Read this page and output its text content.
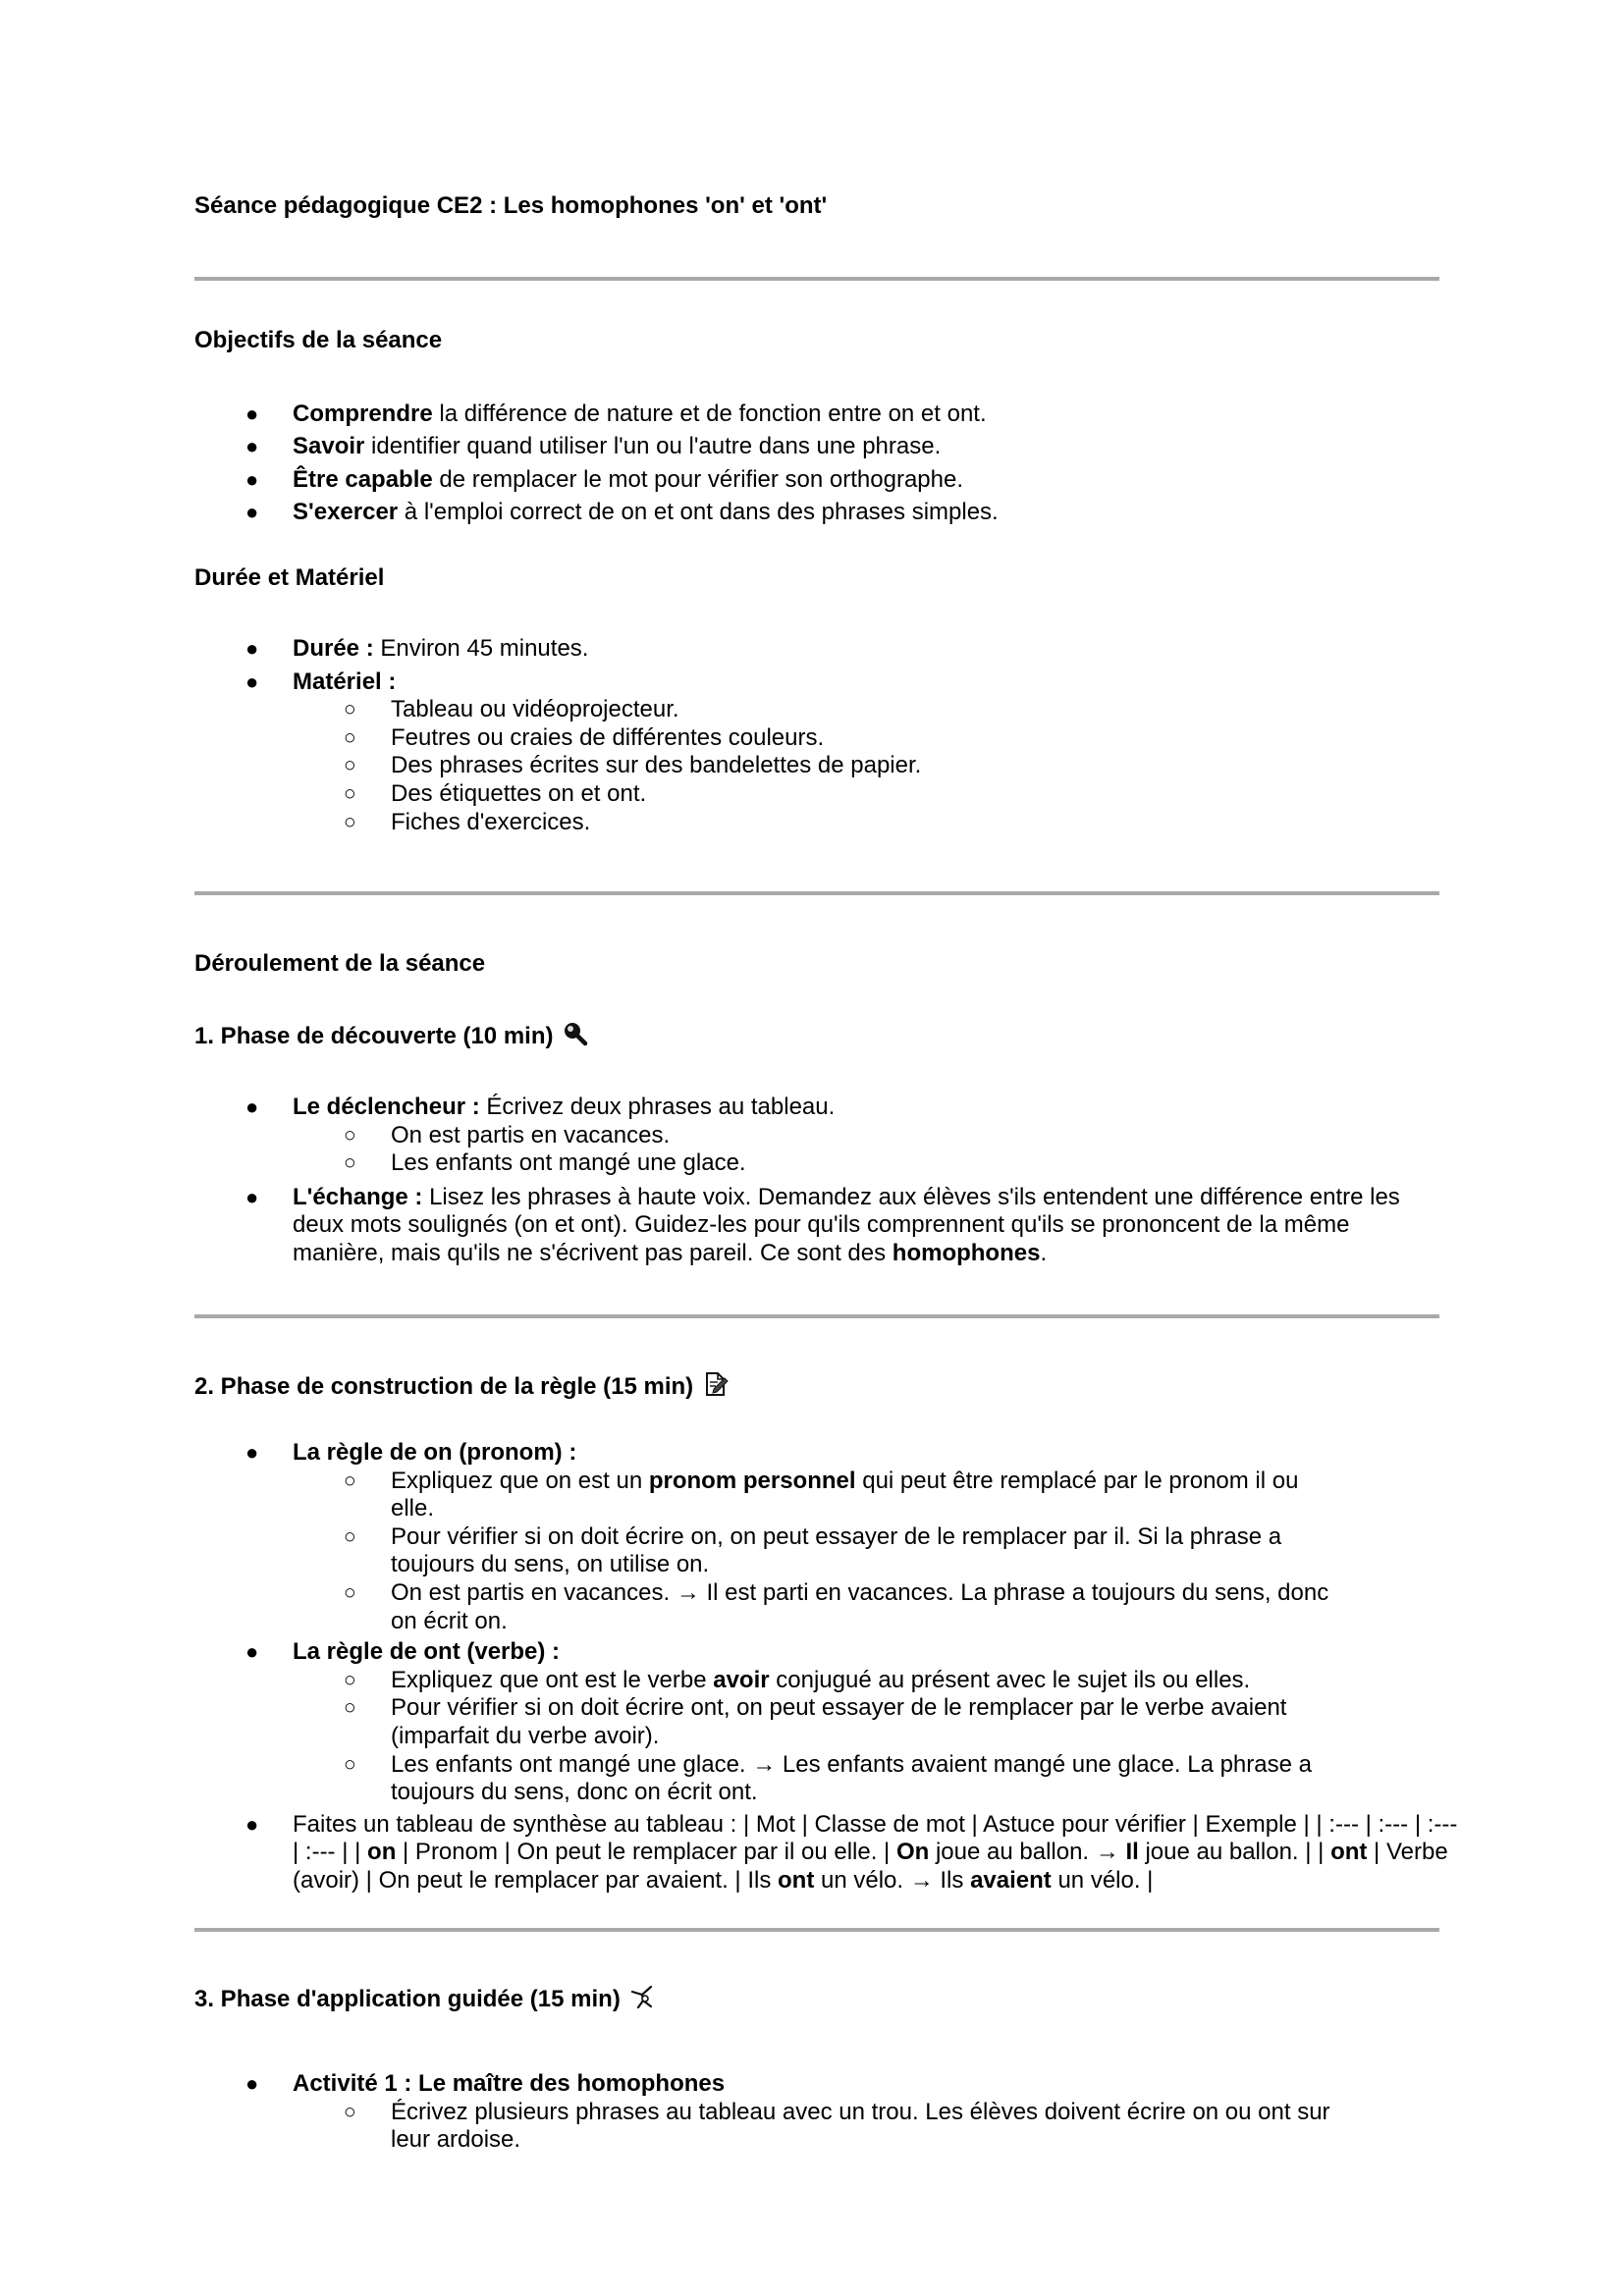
Séance pédagogique CE2 : Les homophones 'on' et 'ont'
Objectifs de la séance
● Comprendre la différence de nature et de fonction entre on et ont.
● Savoir identifier quand utiliser l'un ou l'autre dans une phrase.
● Être capable de remplacer le mot pour vérifier son orthographe.
● S'exercer à l'emploi correct de on et ont dans des phrases simples.
Durée et Matériel
● Durée : Environ 45 minutes.
● Matériel :
○ Tableau ou vidéoprojecteur.
○ Feutres ou craies de différentes couleurs.
○ Des phrases écrites sur des bandelettes de papier.
○ Des étiquettes on et ont.
○ Fiches d'exercices.
Déroulement de la séance
1. Phase de découverte (10 min)
● Le déclencheur : Écrivez deux phrases au tableau.
○ On est partis en vacances.
○ Les enfants ont mangé une glace.
● L'échange : Lisez les phrases à haute voix. Demandez aux élèves s'ils entendent une différence entre les deux mots soulignés (on et ont). Guidez-les pour qu'ils comprennent qu'ils se prononcent de la même manière, mais qu'ils ne s'écrivent pas pareil. Ce sont des homophones.
2. Phase de construction de la règle (15 min)
● La règle de on (pronom) :
○ Expliquez que on est un pronom personnel qui peut être remplacé par le pronom il ou elle.
○ Pour vérifier si on doit écrire on, on peut essayer de le remplacer par il. Si la phrase a toujours du sens, on utilise on.
○ On est partis en vacances. → Il est parti en vacances. La phrase a toujours du sens, donc on écrit on.
● La règle de ont (verbe) :
○ Expliquez que ont est le verbe avoir conjugué au présent avec le sujet ils ou elles.
○ Pour vérifier si on doit écrire ont, on peut essayer de le remplacer par le verbe avaient (imparfait du verbe avoir).
○ Les enfants ont mangé une glace. → Les enfants avaient mangé une glace. La phrase a toujours du sens, donc on écrit ont.
● Faites un tableau de synthèse au tableau : | Mot | Classe de mot | Astuce pour vérifier | Exemple | | :--- | :--- | :--- | :--- | | on | Pronom | On peut le remplacer par il ou elle. | On joue au ballon. → Il joue au ballon. | | ont | Verbe (avoir) | On peut le remplacer par avaient. | Ils ont un vélo. → Ils avaient un vélo. |
3. Phase d'application guidée (15 min)
● Activité 1 : Le maître des homophones
○ Écrivez plusieurs phrases au tableau avec un trou. Les élèves doivent écrire on ou ont sur leur ardoise.
